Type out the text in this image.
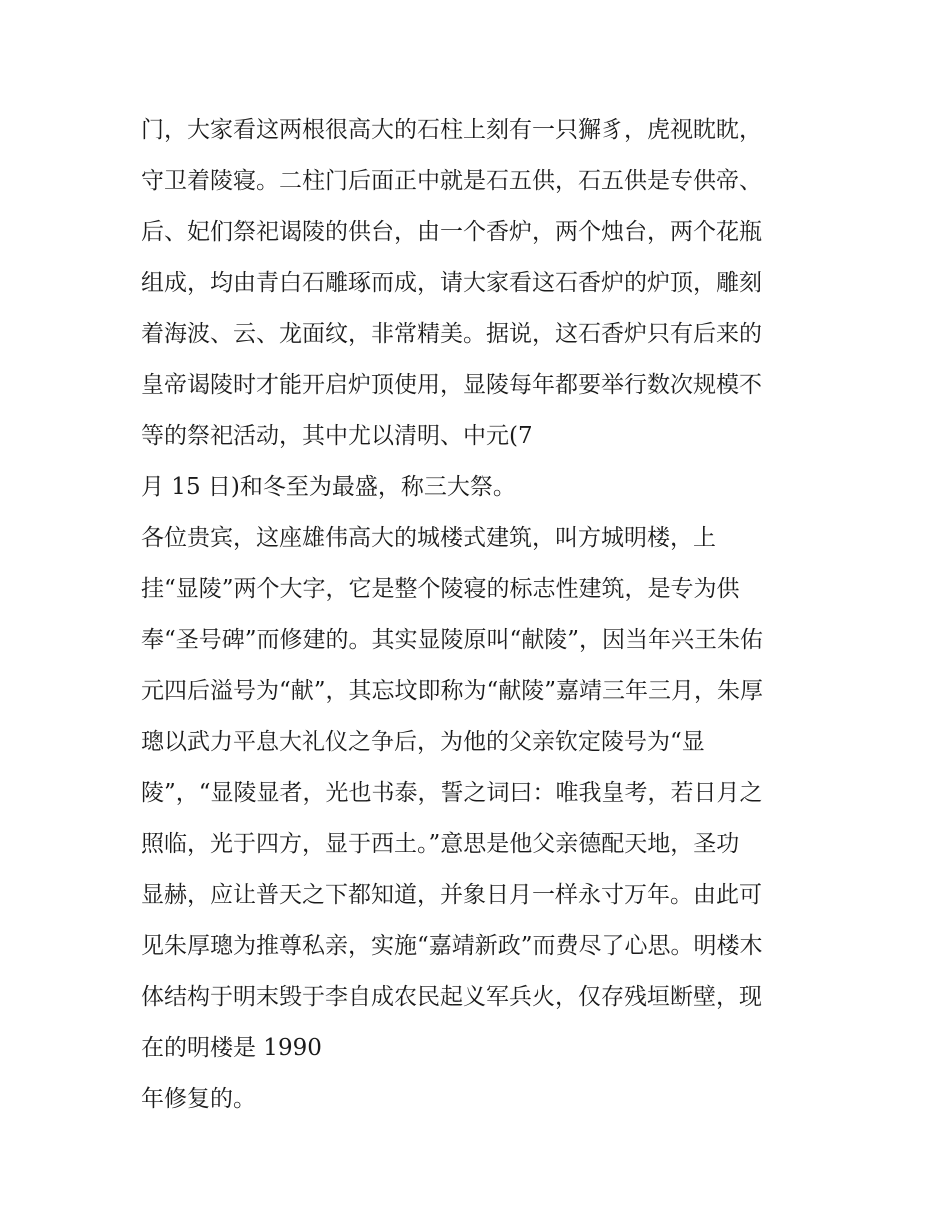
门，大家看这两根很高大的石柱上刻有一只獬豸，虎视眈眈，
守卫着陵寝。二柱门后面正中就是石五供，石五供是专供帝、
后、妃们祭祀谒陵的供台，由一个香炉，两个烛台，两个花瓶
组成，均由青白石雕琢而成，请大家看这石香炉的炉顶，雕刻
着海波、云、龙面纹，非常精美。据说，这石香炉只有后来的
皇帝谒陵时才能开启炉顶使用，显陵每年都要举行数次规模不
等的祭祀活动，其中尤以清明、中元(7
月 15 日)和冬至为最盛，称三大祭。
各位贵宾，这座雄伟高大的城楼式建筑，叫方城明楼，上
挂“显陵”两个大字，它是整个陵寝的标志性建筑，是专为供
奉“圣号碑”而修建的。其实显陵原叫“献陵”，因当年兴王朱佑
元四后溢号为“献”，其忘坟即称为“献陵”嘉靖三年三月，朱厚
璁以武力平息大礼仪之争后，为他的父亲钦定陵号为“显
陵”，“显陵显者，光也书泰，誓之词曰：唯我皇考，若日月之
照临，光于四方，显于西土。”意思是他父亲德配天地，圣功
显赫，应让普天之下都知道，并象日月一样永寸万年。由此可
见朱厚璁为推尊私亲，实施“嘉靖新政”而费尽了心思。明楼木
体结构于明末毁于李自成农民起义军兵火，仅存残垣断壁，现
在的明楼是 1990
年修复的。
